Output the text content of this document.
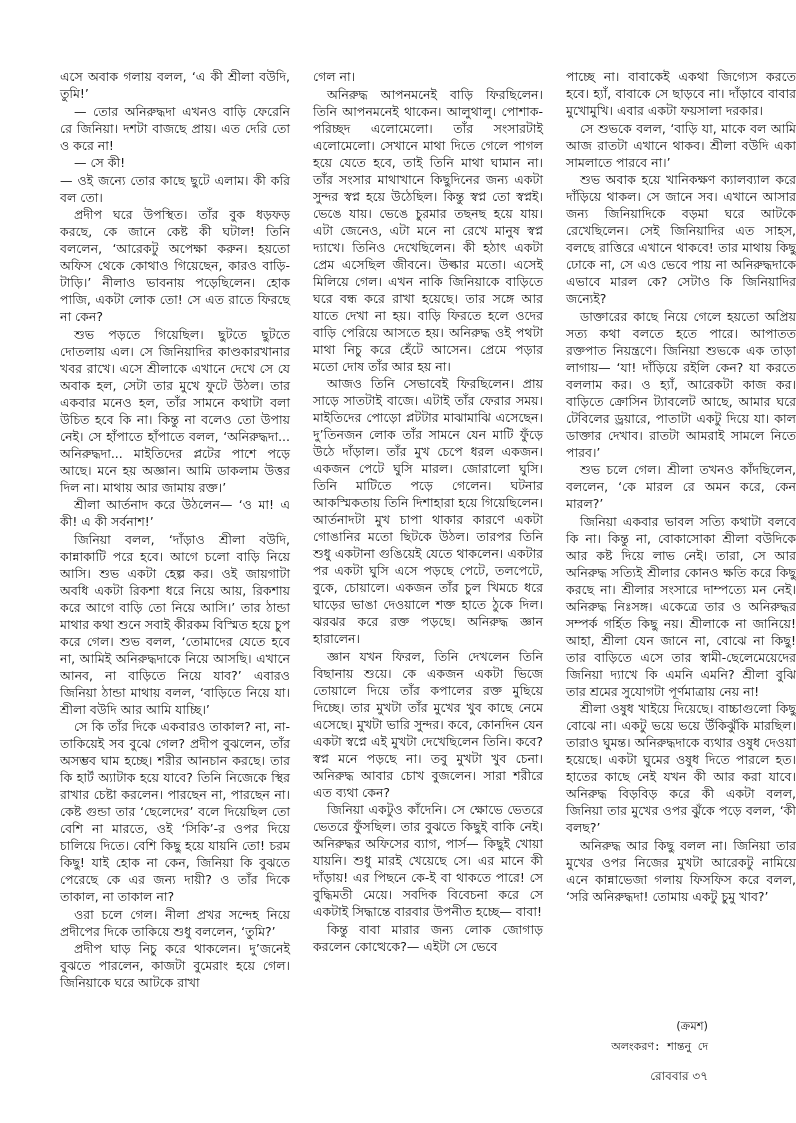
এসে অবাক গলায় বলল, ‘এ কী শ্রীলা বউদি, তুমি!’

— তোর অনিরুদ্ধদা এখনও বাড়ি ফেরেনি রে জিনিয়া। দশটা বাজছে প্রায়। এত দেরি তো ও করে না!

— সে কী!

— ওই জন্যে তোর কাছে ছুটে এলাম। কী করি বল তো।

প্রদীপ ঘরে উপস্থিত। তাঁর বুক ধড়ফড় করছে, কে জানে কেষ্ট কী ঘটাল! তিনি বললেন, ‘আরেকটু অপেক্ষা করুন। হয়তো অফিস থেকে কোথাও গিয়েছেন, কারও বাড়ি-টাড়ি।’ নীলাও ভাবনায় পড়েছিলেন। হোক পাজি, একটা লোক তো! সে এত রাতে ফিরছে না কেন?

শুভ পড়তে গিয়েছিল। ছুটতে ছুটতে দোতলায় এল। সে জিনিয়াদির কাণ্ডকারখানার খবর রাখে। এসে শ্রীলাকে এখানে দেখে সে যে অবাক হল, সেটা তার মুখে ফুটে উঠল। তার একবার মনেও হল, তাঁর সামনে কথাটা বলা উচিত হবে কি না। কিন্তু না বলেও তো উপায় নেই। সে হাঁপাতে হাঁপাতে বলল, ‘অনিরুদ্ধদা... অনিরুদ্ধদা... মাইতিদের প্লটের পাশে পড়ে আছে। মনে হয় অজ্ঞান। আমি ডাকলাম উত্তর দিল না। মাথায় আর জামায় রক্ত।’

শ্রীলা আর্তনাদ করে উঠলেন— ‘ও মা! এ কী! এ কী সর্বনাশ!’

জিনিয়া বলল, ‘দাঁড়াও শ্রীলা বউদি, কান্নাকাটি পরে হবে। আগে চলো বাড়ি নিয়ে আসি। শুভ একটা হেল্প কর। ওই জায়গাটা অবধি একটা রিকশা ধরে নিয়ে আয়, রিকশায় করে আগে বাড়ি তো নিয়ে আসি।’ তার ঠান্ডা মাথার কথা শুনে সবাই কীরকম বিস্মিত হয়ে চুপ করে গেল। শুভ বলল, ‘তোমাদের যেতে হবে না, আমিই অনিরুদ্ধদাকে নিয়ে আসছি। এখানে আনব, না বাড়িতে নিয়ে যাব?’ এবারও জিনিয়া ঠান্ডা মাথায় বলল, ‘বাড়িতে নিয়ে যা। শ্রীলা বউদি আর আমি যাচ্ছি।’

সে কি তাঁর দিকে একবারও তাকাল? না, না-তাকিয়েই সব বুঝে গেল? প্রদীপ বুঝলেন, তাঁর অসম্ভব ঘাম হচ্ছে। শরীর আনচান করছে। তার কি হার্ট অ্যাটাক হয়ে যাবে? তিনি নিজেকে স্থির রাখার চেষ্টা করলেন। পারছেন না, পারছেন না। কেষ্ট গুন্ডা তার ‘ছেলেদের’ বলে দিয়েছিল তো বেশি না মারতে, ওই ‘সিকি’-র ওপর দিয়ে চালিয়ে দিতে। বেশি কিছু হয়ে যায়নি তো! চরম কিছু! যাই হোক না কেন, জিনিয়া কি বুঝতে পেরেছে কে এর জন্য দায়ী? ও তাঁর দিকে তাকাল, না তাকাল না?

ওরা চলে গেল। নীলা প্রখর সন্দেহ নিয়ে প্রদীপের দিকে তাকিয়ে শুধু বললেন, ‘তুমি?’

প্রদীপ ঘাড় নিচু করে থাকলেন। দু’জনেই বুঝতে পারলেন, কাজটা বুমেরাং হয়ে গেল। জিনিয়াকে ঘরে আটকে রাখা

গেল না।

অনিরুদ্ধ আপনমনেই বাড়ি ফিরছিলেন। তিনি আপনমনেই থাকেন। আলুথালু। পোশাক-পরিচ্ছদ এলোমেলো। তাঁর সংসারটাই এলোমেলো। সেখানে মাথা দিতে গেলে পাগল হয়ে যেতে হবে, তাই তিনি মাথা ঘামান না। তাঁর সংসার মাথাখানে কিছুদিনের জন্য একটা সুন্দর স্বপ্ন হয়ে উঠেছিল। কিন্তু স্বপ্ন তো স্বপ্নই। ভেঙে যায়। ভেঙে চুরমার তছনছ হয়ে যায়। এটা জেনেও, এটা মনে না রেখে মানুষ স্বপ্ন দ্যাখে। তিনিও দেখেছিলেন। কী হঠাৎ একটা প্রেম এসেছিল জীবনে। উল্কার মতো। এসেই মিলিয়ে গেল। এখন নাকি জিনিয়াকে বাড়িতে ঘরে বন্ধ করে রাখা হয়েছে। তার সঙ্গে আর যাতে দেখা না হয়। বাড়ি ফিরতে হলে ওদের বাড়ি পেরিয়ে আসতে হয়। অনিরুদ্ধ ওই পথটা মাথা নিচু করে হেঁটে আসেন। প্রেমে পড়ার মতো দোষ তাঁর আর হয় না।

আজও তিনি সেভাবেই ফিরছিলেন। প্রায় সাড়ে সাতটাই বাজে। এটাই তাঁর ফেরার সময়। মাইতিদের পোড়ো প্লটটার মাঝামাঝি এসেছেন। দু’তিনজন লোক তাঁর সামনে যেন মাটি ফুঁড়ে উঠে দাঁড়াল। তাঁর মুখ চেপে ধরল একজন। একজন পেটে ঘুসি মারল। জোরালো ঘুসি। তিনি মাটিতে পড়ে গেলেন। ঘটনার আকস্মিকতায় তিনি দিশাহারা হয়ে গিয়েছিলেন। আর্তনাদটা মুখ চাপা থাকার কারণে একটা গোঙানির মতো ছিটকে উঠল। তারপর তিনি শুধু একটানা গুঙিয়েই যেতে থাকলেন। একটার পর একটা ঘুসি এসে পড়ছে পেটে, তলপেটে, বুকে, চোয়ালে। একজন তাঁর চুল খিমচে ধরে ঘাড়ের ভাঙা দেওয়ালে শক্ত হাতে ঠুকে দিল। ঝরঝর করে রক্ত পড়ছে। অনিরুদ্ধ জ্ঞান হারালেন।

জ্ঞান যখন ফিরল, তিনি দেখলেন তিনি বিছানায় শুয়ে। কে একজন একটা ভিজে তোয়ালে দিয়ে তাঁর কপালের রক্ত মুছিয়ে দিচ্ছে। তার মুখটা তাঁর মুখের খুব কাছে নেমে এসেছে। মুখটা ভারি সুন্দর। কবে, কোনদিন যেন একটা স্বপ্নে এই মুখটা দেখেছিলেন তিনি। কবে? স্বপ্ন মনে পড়ছে না। তবু মুখটা খুব চেনা। অনিরুদ্ধ আবার চোখ বুজলেন। সারা শরীরে এত ব্যথা কেন?

জিনিয়া একটুও কাঁদেনি। সে ক্ষোভে ভেতরে ভেতরে ফুঁসছিল। তার বুঝতে কিছুই বাকি নেই। অনিরুদ্ধর অফিসের ব্যাগ, পার্স— কিছুই খোয়া যায়নি। শুধু মারই খেয়েছে সে। এর মানে কী দাঁড়ায়! এর পিছনে কে-ই বা থাকতে পারে! সে বুদ্ধিমতী মেয়ে। সবদিক বিবেচনা করে সে একটাই সিদ্ধান্তে বারবার উপনীত হচ্ছে— বাবা!

কিন্তু বাবা মারার জন্য লোক জোগাড় করলেন কোত্থেকে?— এইটা সে ভেবে

পাচ্ছে না। বাবাকেই একথা জিগ্যেস করতে হবে। হ্যাঁ, বাবাকে সে ছাড়বে না। দাঁড়াবে বাবার মুখোমুখি। এবার একটা ফয়সালা দরকার।

সে শুভকে বলল, ‘বাড়ি যা, মাকে বল আমি আজ রাতটা এখানে থাকব। শ্রীলা বউদি একা সামলাতে পারবে না।’

শুভ অবাক হয়ে খানিকক্ষণ ক্যালব্যাল করে দাঁড়িয়ে থাকল। সে জানে সব। এখানে আসার জন্য জিনিয়াদিকে বড়মা ঘরে আটকে রেখেছিলেন। সেই জিনিয়াদির এত সাহস, বলছে রাত্তিরে এখানে থাকবে! তার মাথায় কিছু ঢোকে না, সে এও ভেবে পায় না অনিরুদ্ধদাকে এভাবে মারল কে? সেটাও কি জিনিয়াদির জন্যেই?

ডাক্তারের কাছে নিয়ে গেলে হয়তো অপ্রিয় সত্য কথা বলতে হতে পারে। আপাতত রক্তপাত নিয়ন্ত্রণে। জিনিয়া শুভকে এক তাড়া লাগায়— ‘যা! দাঁড়িয়ে রইলি কেন? যা করতে বললাম কর। ও হ্যাঁ, আরেকটা কাজ কর। বাড়িতে ক্রোসিন ট্যাবলেট আছে, আমার ঘরে টেবিলের ড্রয়ারে, পাতাটা একটু দিয়ে যা। কাল ডাক্তার দেখাব। রাতটা আমরাই সামলে নিতে পারব।’

শুভ চলে গেল। শ্রীলা তখনও কাঁদছিলেন, বললেন, ‘কে মারল রে অমন করে, কেন মারল?’

জিনিয়া একবার ভাবল সত্যি কথাটা বলবে কি না। কিন্তু না, বোকাসোকা শ্রীলা বউদিকে আর কষ্ট দিয়ে লাভ নেই। তারা, সে আর অনিরুদ্ধ সত্যিই শ্রীলার কোনও ক্ষতি করে কিছু করছে না। শ্রীলার সংসারে দাম্পত্যে মন নেই। অনিরুদ্ধ নিঃসঙ্গ। একেত্রে তার ও অনিরুদ্ধর সম্পর্ক গর্হিত কিছু নয়। শ্রীলাকে না জানিয়ে! আহা, শ্রীলা যেন জানে না, বোঝে না কিছু! তার বাড়িতে এসে তার স্বামী-ছেলেমেয়েদের জিনিয়া দ্যাখে কি এমনি এমনি? শ্রীলা বুঝি তার শ্রমের সুযোগটা পূর্ণমাত্রায় নেয় না!

শ্রীলা ওষুধ খাইয়ে দিয়েছে। বাচ্চাগুলো কিছু বোঝে না। একটু ভয়ে ভয়ে উঁকিঝুঁকি মারছিল। তারাও ঘুমন্ত। অনিরুদ্ধদাকে ব্যথার ওষুধ দেওয়া হয়েছে। একটা ঘুমের ওষুধ দিতে পারলে হত। হাতের কাছে নেই যখন কী আর করা যাবে। অনিরুদ্ধ বিড়বিড় করে কী একটা বলল, জিনিয়া তার মুখের ওপর ঝুঁকে পড়ে বলল, ‘কী বলছ?’

অনিরুদ্ধ আর কিছু বলল না। জিনিয়া তার মুখের ওপর নিজের মুখটা আরেকটু নামিয়ে এনে কান্নাভেজা গলায় ফিসফিস করে বলল, ‘সরি অনিরুদ্ধদা! তোমায় একটু চুমু খাব?’

(ক্রমশ)
অলংকরণ: শান্তনু দে
রোববার ৩৭
